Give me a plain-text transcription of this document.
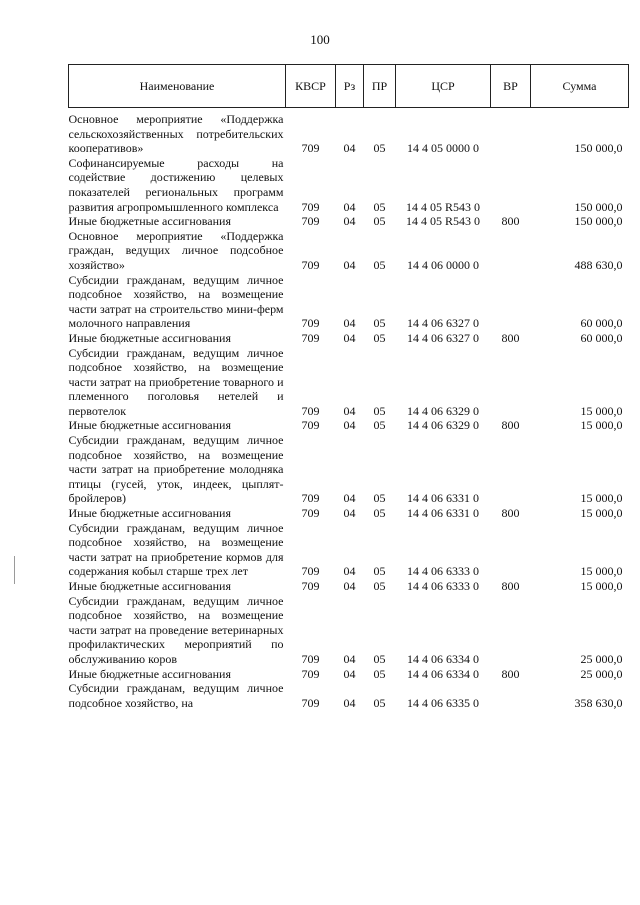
100
Наименование	КВСР	Рз	ПР	ЦСР	ВР	Сумма
Основное мероприятие «Поддержка сельскохозяйственных потребительских кооперативов»	709	04	05	14 4 05 0000 0		150 000,0
Софинансируемые расходы на содействие достижению целевых показателей региональных программ развития агропромышленного комплекса	709	04	05	14 4 05 R543 0		150 000,0
Иные бюджетные ассигнования	709	04	05	14 4 05 R543 0	800	150 000,0
Основное мероприятие «Поддержка граждан, ведущих личное подсобное хозяйство»	709	04	05	14 4 06 0000 0		488 630,0
Субсидии гражданам, ведущим личное подсобное хозяйство, на возмещение части затрат на строительство мини-ферм молочного направления	709	04	05	14 4 06 6327 0		60 000,0
Иные бюджетные ассигнования	709	04	05	14 4 06 6327 0	800	60 000,0
Субсидии гражданам, ведущим личное подсобное хозяйство, на возмещение части затрат на приобретение товарного и племенного поголовья нетелей и первотелок	709	04	05	14 4 06 6329 0		15 000,0
Иные бюджетные ассигнования	709	04	05	14 4 06 6329 0	800	15 000,0
Субсидии гражданам, ведущим личное подсобное хозяйство, на возмещение части затрат на приобретение молодняка птицы (гусей, уток, индеек, цыплят-бройлеров)	709	04	05	14 4 06 6331 0		15 000,0
Иные бюджетные ассигнования	709	04	05	14 4 06 6331 0	800	15 000,0
Субсидии гражданам, ведущим личное подсобное хозяйство, на возмещение части затрат на приобретение кормов для содержания кобыл старше трех лет	709	04	05	14 4 06 6333 0		15 000,0
Иные бюджетные ассигнования	709	04	05	14 4 06 6333 0	800	15 000,0
Субсидии гражданам, ведущим личное подсобное хозяйство, на возмещение части затрат на проведение ветеринарных профилактических мероприятий по обслуживанию коров	709	04	05	14 4 06 6334 0		25 000,0
Иные бюджетные ассигнования	709	04	05	14 4 06 6334 0	800	25 000,0
Субсидии гражданам, ведущим личное подсобное хозяйство, на	709	04	05	14 4 06 6335 0		358 630,0
